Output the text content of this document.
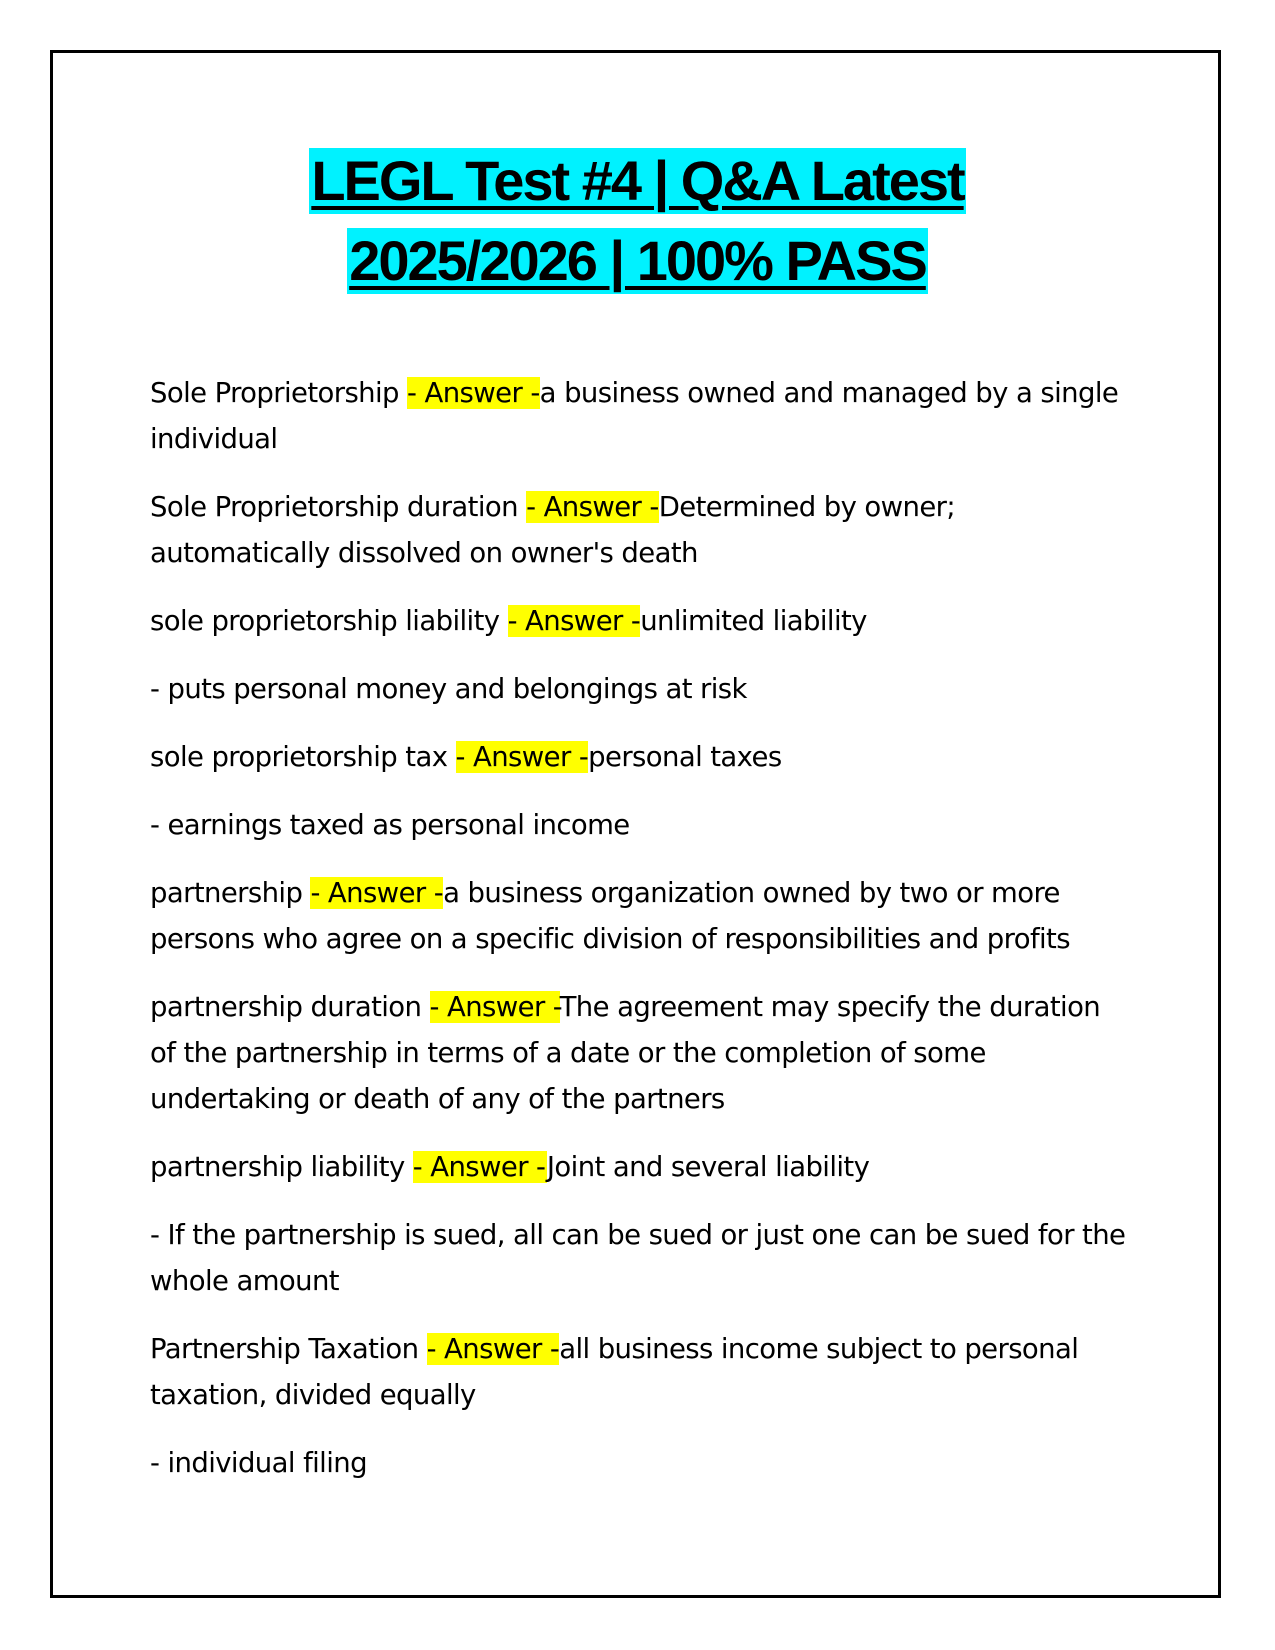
LEGL Test #4 | Q&A Latest
2025/2026 | 100% PASS

Sole Proprietorship - Answer -a business owned and managed by a single individual

Sole Proprietorship duration - Answer -Determined by owner; automatically dissolved on owner's death

sole proprietorship liability - Answer -unlimited liability

- puts personal money and belongings at risk

sole proprietorship tax - Answer -personal taxes

- earnings taxed as personal income

partnership - Answer -a business organization owned by two or more persons who agree on a specific division of responsibilities and profits

partnership duration - Answer -The agreement may specify the duration of the partnership in terms of a date or the completion of some undertaking or death of any of the partners

partnership liability - Answer -Joint and several liability

- If the partnership is sued, all can be sued or just one can be sued for the whole amount

Partnership Taxation - Answer -all business income subject to personal taxation, divided equally

- individual filing
